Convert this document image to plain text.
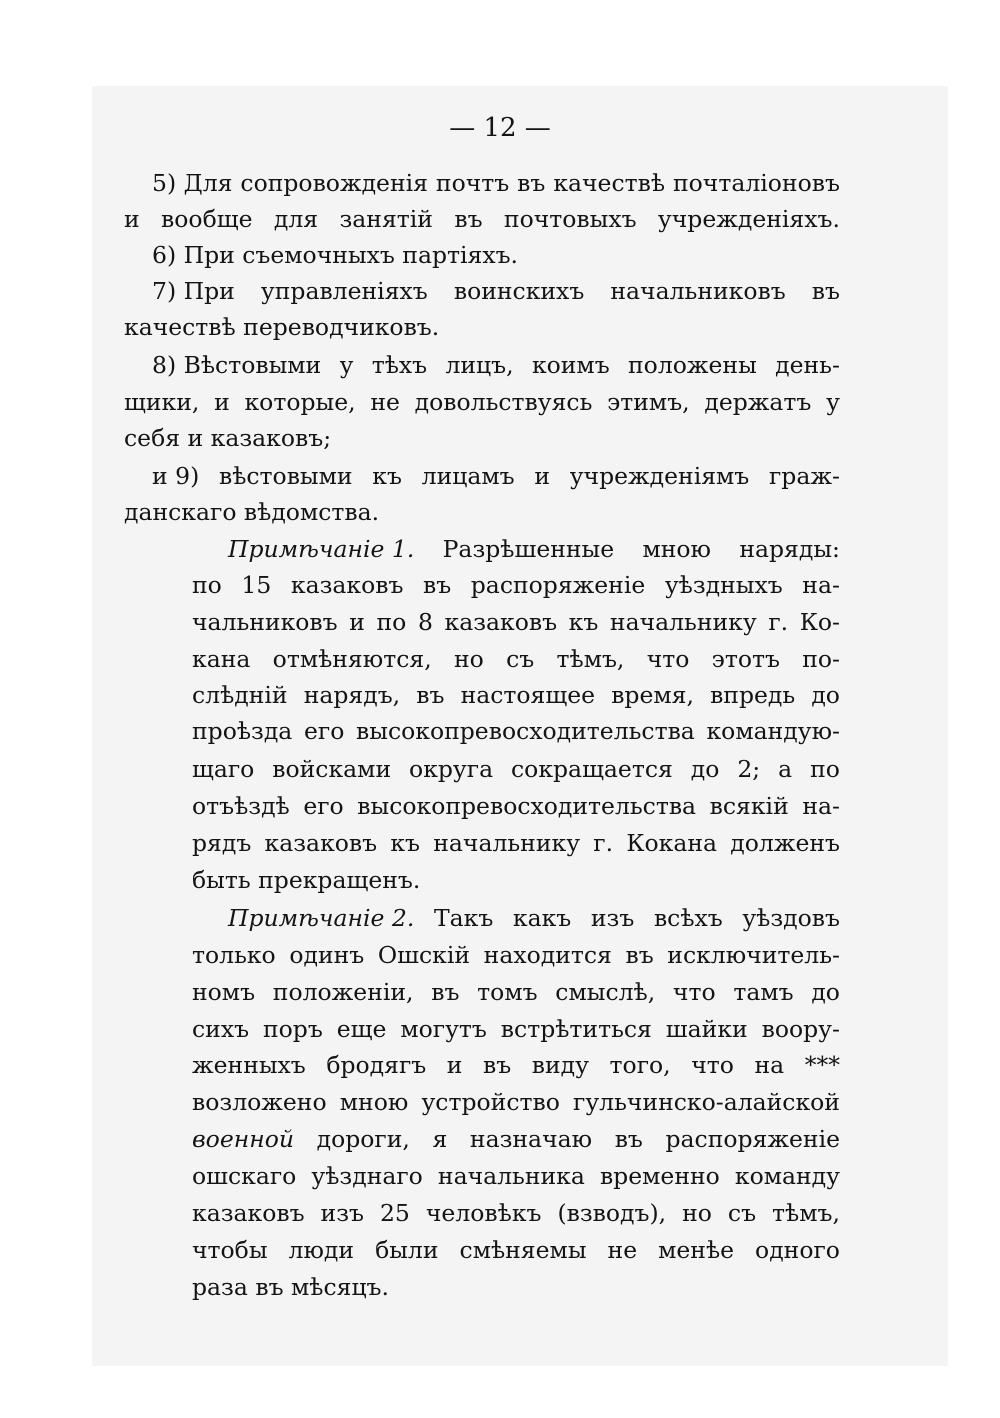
— 12 —
5) Для сопровожденія почтъ въ качествѣ почталіоновъ
и вообще для занятій въ почтовыхъ учрежденіяхъ.
6) При съемочныхъ партіяхъ.
7) При управленіяхъ воинскихъ начальниковъ въ
качествѣ переводчиковъ.
8) Вѣстовыми у тѣхъ лицъ, коимъ положены день-
щики, и которые, не довольствуясь этимъ, держатъ у
себя и казаковъ;
и 9) вѣстовыми къ лицамъ и учрежденіямъ граж-
данскаго вѣдомства.
Примѣчаніе 1. Разрѣшенные мною наряды:
по 15 казаковъ въ распоряженіе уѣздныхъ на-
чальниковъ и по 8 казаковъ къ начальнику г. Ко-
кана отмѣняются, но съ тѣмъ, что этотъ по-
слѣдній нарядъ, въ настоящее время, впредь до
проѣзда его высокопревосходительства командую-
щаго войсками округа сокращается до 2; а по
отъѣздѣ его высокопревосходительства всякій на-
рядъ казаковъ къ начальнику г. Кокана долженъ
быть прекращенъ.
Примѣчаніе 2. Такъ какъ изъ всѣхъ уѣздовъ
только одинъ Ошскій находится въ исключитель-
номъ положеніи, въ томъ смыслѣ, что тамъ до
сихъ поръ еще могутъ встрѣтиться шайки воору-
женныхъ бродягъ и въ виду того, что на ***
возложено мною устройство гульчинско-алайской
военной дороги, я назначаю въ распоряженіе
ошскаго уѣзднаго начальника временно команду
казаковъ изъ 25 человѣкъ (взводъ), но съ тѣмъ,
чтобы люди были смѣняемы не менѣе одного
раза въ мѣсяцъ.
